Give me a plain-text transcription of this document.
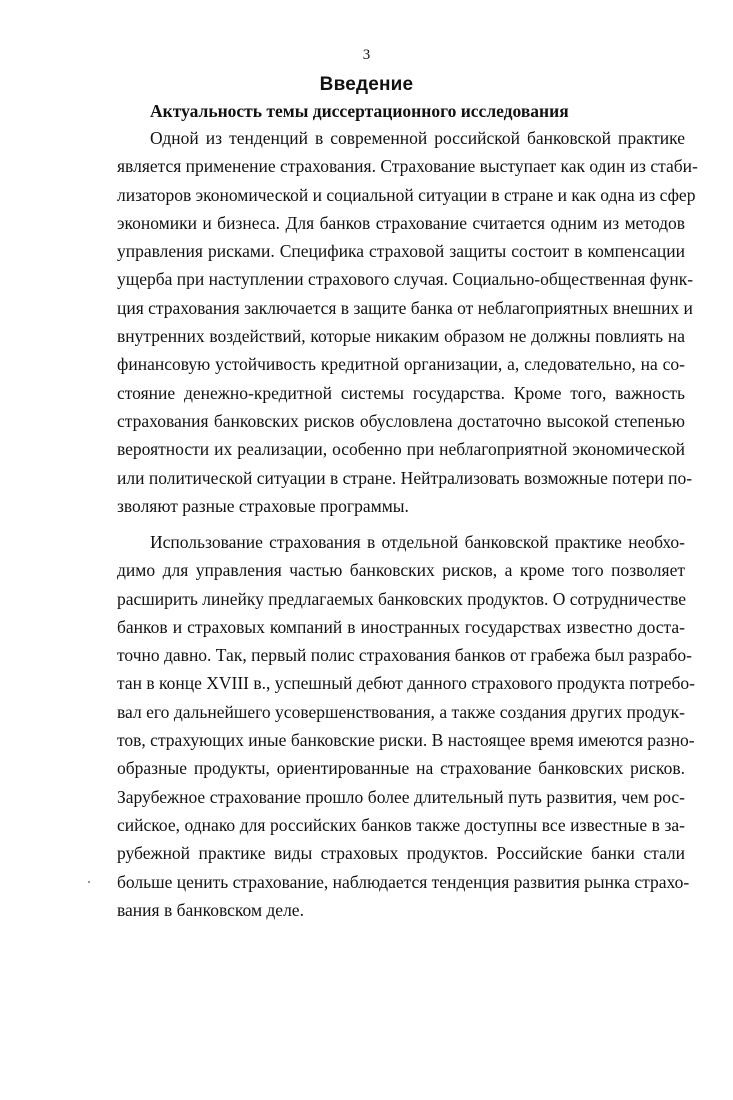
3
Введение
Актуальность темы диссертационного исследования
Одной из тенденций в современной российской банковской практике
является применение страхования. Страхование выступает как один из стаби-
лизаторов экономической и социальной ситуации в стране и как одна из сфер
экономики и бизнеса. Для банков страхование считается одним из методов
управления рисками. Специфика страховой защиты состоит в компенсации
ущерба при наступлении страхового случая. Социально-общественная функ-
ция страхования заключается в защите банка от неблагоприятных внешних и
внутренних воздействий, которые никаким образом не должны повлиять на
финансовую устойчивость кредитной организации, а, следовательно, на со-
стояние денежно-кредитной системы государства. Кроме того, важность
страхования банковских рисков обусловлена достаточно высокой степенью
вероятности их реализации, особенно при неблагоприятной экономической
или политической ситуации в стране. Нейтрализовать возможные потери по-
зволяют разные страховые программы.
Использование страхования в отдельной банковской практике необхо-
димо для управления частью банковских рисков, а кроме того позволяет
расширить линейку предлагаемых банковских продуктов. О сотрудничестве
банков и страховых компаний в иностранных государствах известно доста-
точно давно. Так, первый полис страхования банков от грабежа был разрабо-
тан в конце XVIII в., успешный дебют данного страхового продукта потребо-
вал его дальнейшего усовершенствования, а также создания других продук-
тов, страхующих иные банковские риски. В настоящее время имеются разно-
образные продукты, ориентированные на страхование банковских рисков.
Зарубежное страхование прошло более длительный путь развития, чем рос-
сийское, однако для российских банков также доступны все известные в за-
рубежной практике виды страховых продуктов. Российские банки стали
больше ценить страхование, наблюдается тенденция развития рынка страхо-
вания в банковском деле.
